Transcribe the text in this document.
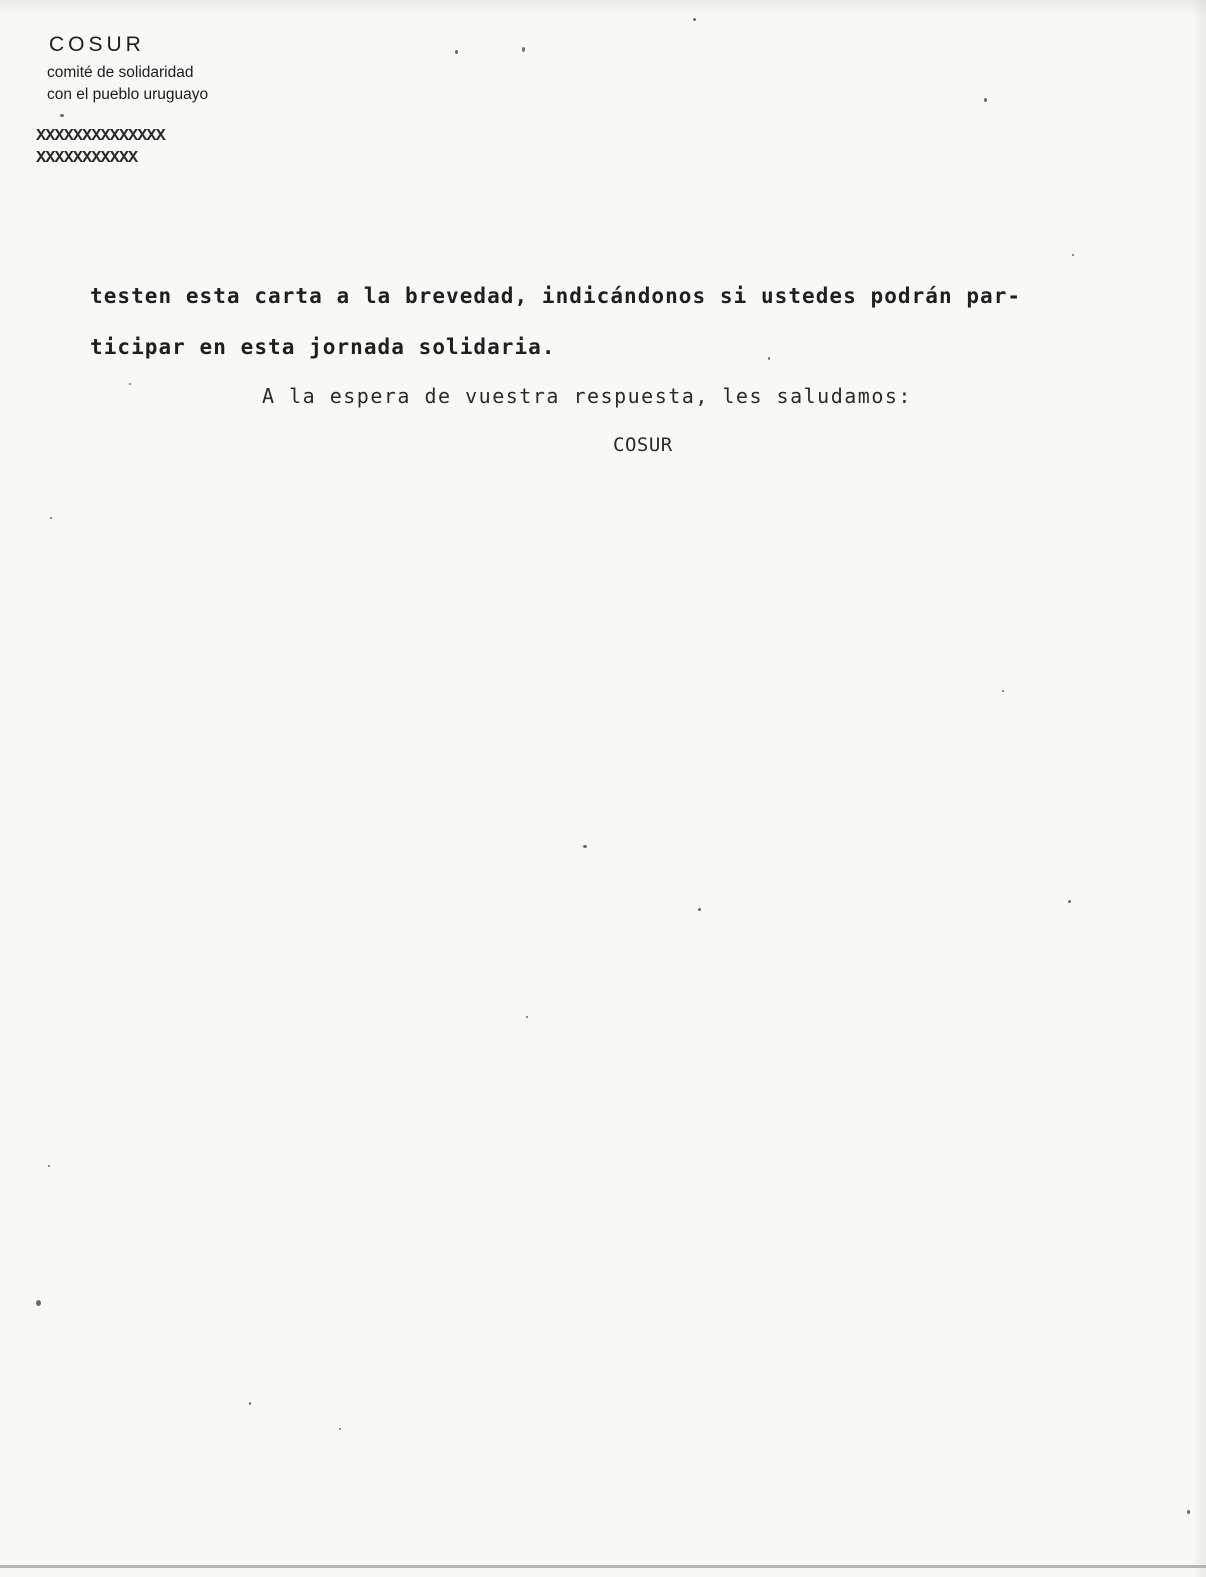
COSUR
comité de solidaridad
con el pueblo uruguayo
XXXXXXXXXXXXXX
XXXXXXXXXXX
testen esta carta a la brevedad, indicándonos si ustedes podrán par-
ticipar en esta jornada solidaria.
A la espera de vuestra respuesta, les saludamos:
COSUR
